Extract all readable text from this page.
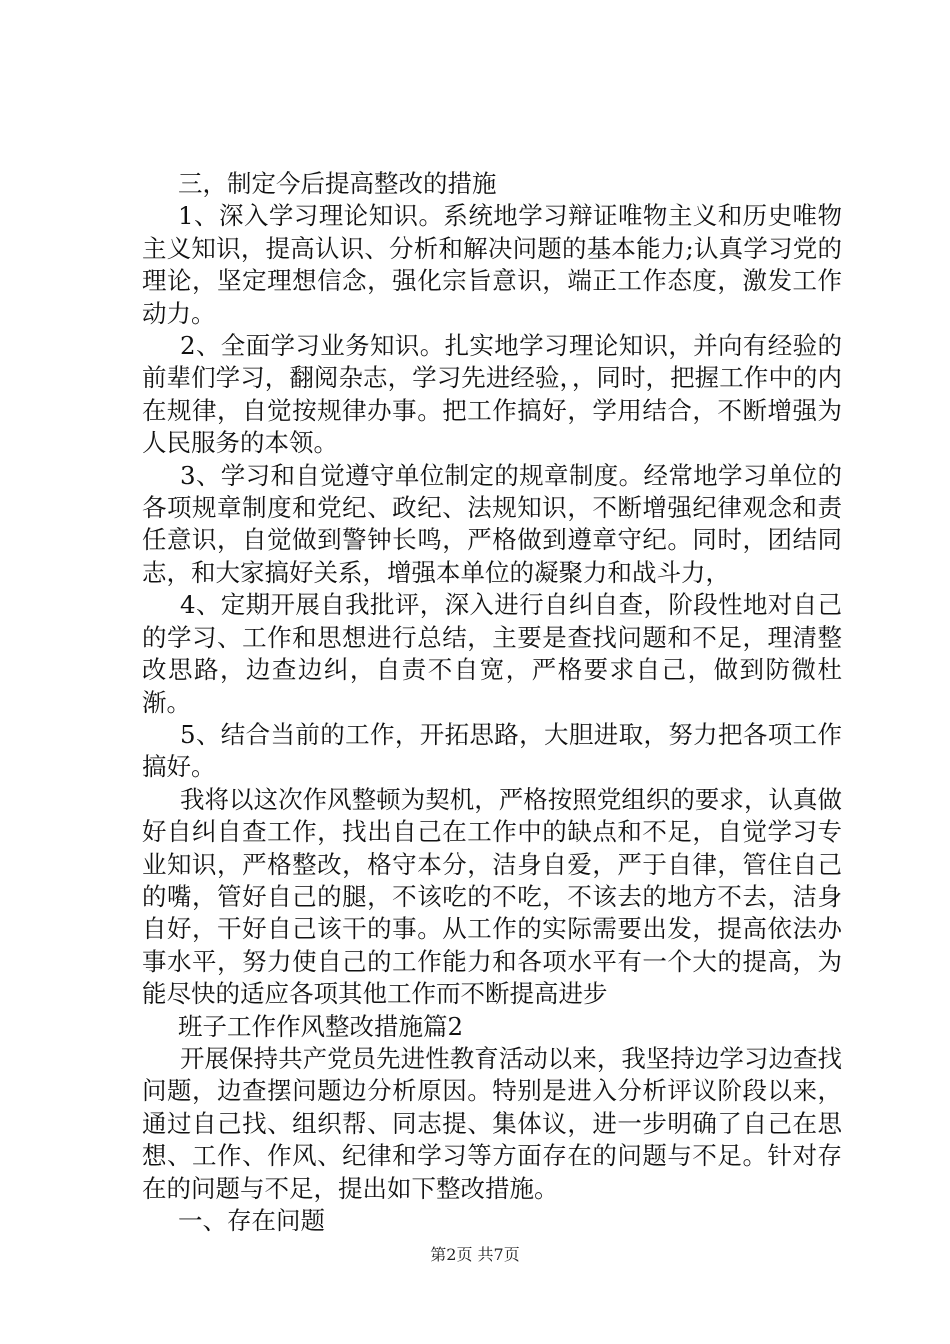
三，制定今后提高整改的措施

1、深入学习理论知识。系统地学习辩证唯物主义和历史唯物主义知识，提高认识、分析和解决问题的基本能力;认真学习党的理论，坚定理想信念，强化宗旨意识，端正工作态度，激发工作动力。

2、全面学习业务知识。扎实地学习理论知识，并向有经验的前辈们学习，翻阅杂志，学习先进经验，，同时，把握工作中的内在规律，自觉按规律办事。把工作搞好，学用结合，不断增强为人民服务的本领。

3、学习和自觉遵守单位制定的规章制度。经常地学习单位的各项规章制度和党纪、政纪、法规知识，不断增强纪律观念和责任意识，自觉做到警钟长鸣，严格做到遵章守纪。同时，团结同志，和大家搞好关系，增强本单位的凝聚力和战斗力，

4、定期开展自我批评，深入进行自纠自查，阶段性地对自己的学习、工作和思想进行总结，主要是查找问题和不足，理清整改思路，边查边纠，自责不自宽，严格要求自己，做到防微杜渐。

5、结合当前的工作，开拓思路，大胆进取，努力把各项工作搞好。

我将以这次作风整顿为契机，严格按照党组织的要求，认真做好自纠自查工作，找出自己在工作中的缺点和不足，自觉学习专业知识，严格整改，格守本分，洁身自爱，严于自律，管住自己的嘴，管好自己的腿，不该吃的不吃，不该去的地方不去，洁身自好，干好自己该干的事。从工作的实际需要出发，提高依法办事水平，努力使自己的工作能力和各项水平有一个大的提高，为能尽快的适应各项其他工作而不断提高进步

班子工作作风整改措施篇2

开展保持共产党员先进性教育活动以来，我坚持边学习边查找问题，边查摆问题边分析原因。特别是进入分析评议阶段以来，通过自己找、组织帮、同志提、集体议，进一步明确了自己在思想、工作、作风、纪律和学习等方面存在的问题与不足。针对存在的问题与不足，提出如下整改措施。

一、存在问题

第2页 共7页
